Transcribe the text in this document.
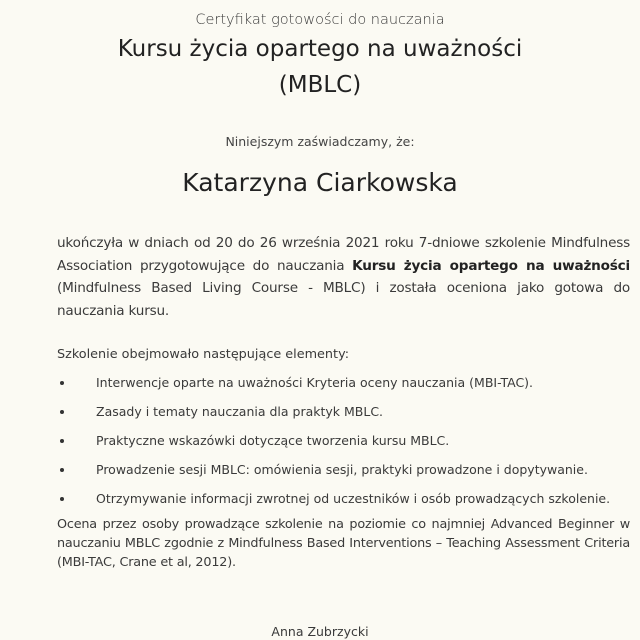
Certyfikat gotowości do nauczania
Kursu życia opartego na uważności
(MBLC)
Niniejszym zaświadczamy, że:
Katarzyna Ciarkowska
ukończyła w dniach od 20 do 26 września 2021 roku 7-dniowe szkolenie Mindfulness Association przygotowujące do nauczania Kursu życia opartego na uważności (Mindfulness Based Living Course - MBLC) i została oceniona jako gotowa do nauczania kursu.
Szkolenie obejmowało następujące elementy:
Interwencje oparte na uważności Kryteria oceny nauczania (MBI-TAC).
Zasady i tematy nauczania dla praktyk MBLC.
Praktyczne wskazówki dotyczące tworzenia kursu MBLC.
Prowadzenie sesji MBLC: omówienia sesji, praktyki prowadzone i dopytywanie.
Otrzymywanie informacji zwrotnej od uczestników i osób prowadzących szkolenie.
Ocena przez osoby prowadzące szkolenie na poziomie co najmniej Advanced Beginner w nauczaniu MBLC zgodnie z Mindfulness Based Interventions – Teaching Assessment Criteria (MBI-TAC, Crane et al, 2012).
Anna Zubrzycki
